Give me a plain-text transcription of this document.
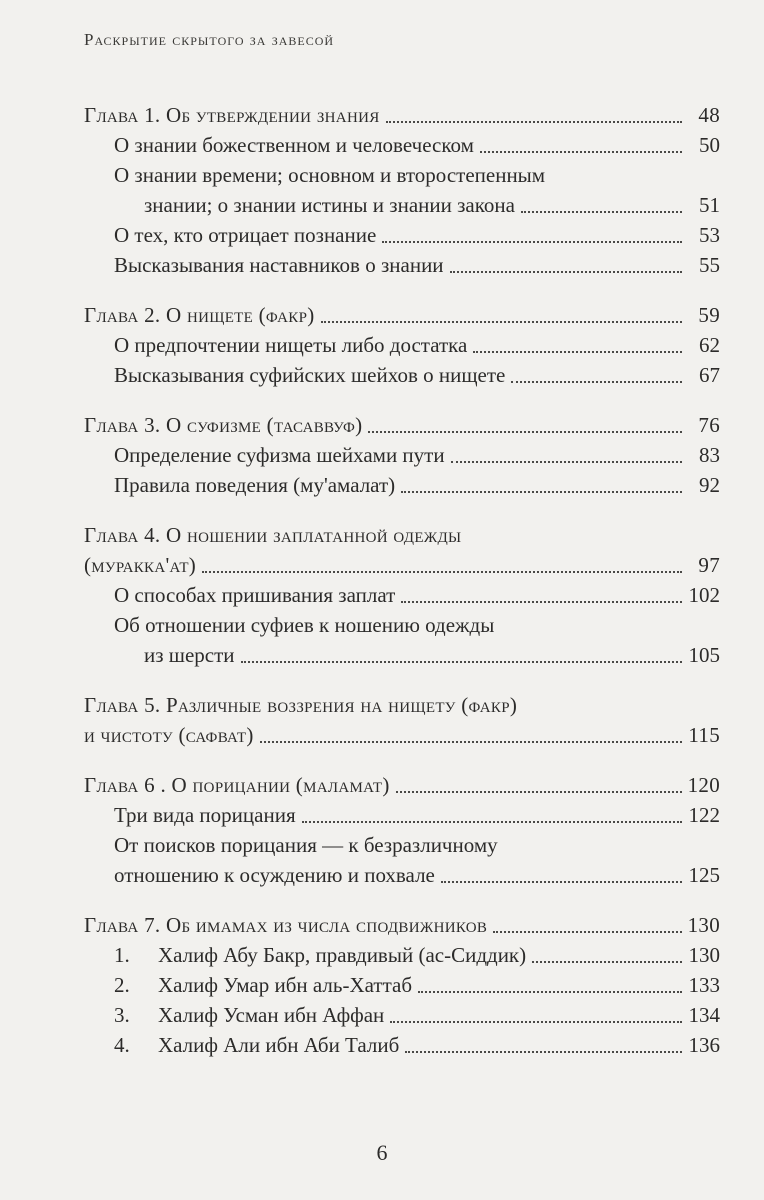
Раскрытие скрытого за завесой
Глава 1. Об утверждении знания	48
О знании божественном и человеческом	50
О знании времени; основном и второстепенным
знании; о знании истины и знании закона	51
О тех, кто отрицает познание	53
Высказывания наставников о знании	55
Глава 2. О нищете (факр)	59
О предпочтении нищеты либо достатка	62
Высказывания суфийских шейхов о нищете	67
Глава 3. О суфизме (тасаввуф)	76
Определение суфизма шейхами пути	83
Правила поведения (му'амалат)	92
Глава 4. О ношении заплатанной одежды
(муракка'ат)	97
О способах пришивания заплат	102
Об отношении суфиев к ношению одежды
из шерсти	105
Глава 5. Различные воззрения на нищету (факр)
и чистоту (сафват)	115
Глава 6 . О порицании (маламат)	120
Три вида порицания	122
От поисков порицания — к безразличному
отношению к осуждению и похвале	125
Глава 7. Об имамах из числа сподвижников	130
1. Халиф Абу Бакр, правдивый (ас-Сиддик)	130
2. Халиф Умар ибн аль-Хаттаб	133
3. Халиф Усман ибн Аффан	134
4. Халиф Али ибн Аби Талиб	136
6
